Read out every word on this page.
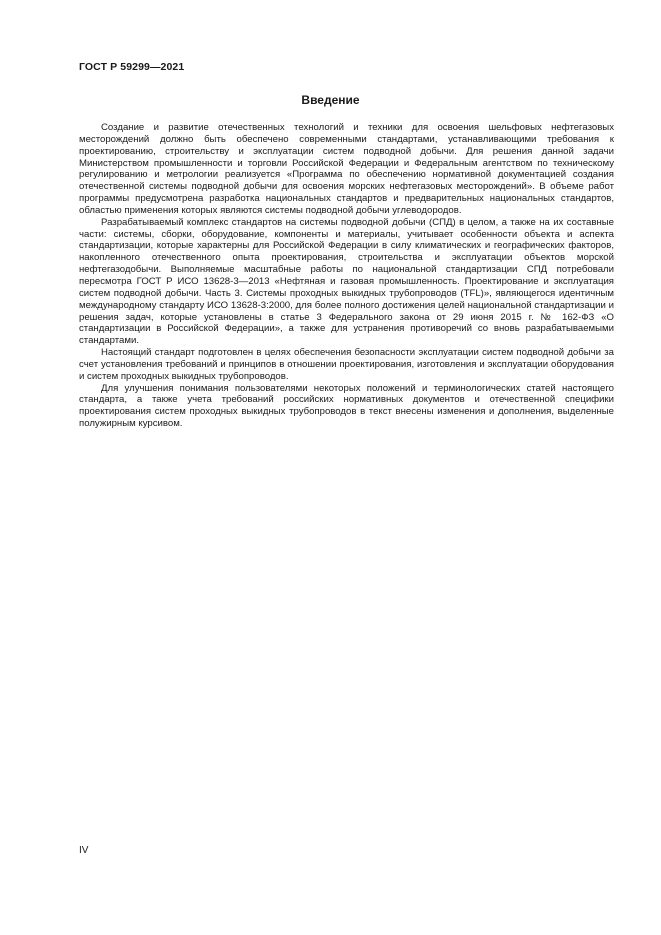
ГОСТ Р 59299—2021
Введение

Создание и развитие отечественных технологий и техники для освоения шельфовых нефтегазовых месторождений должно быть обеспечено современными стандартами, устанавливающими требования к проектированию, строительству и эксплуатации систем подводной добычи. Для решения данной задачи Министерством промышленности и торговли Российской Федерации и Федеральным агентством по техническому регулированию и метрологии реализуется «Программа по обеспечению нормативной документацией создания отечественной системы подводной добычи для освоения морских нефтегазовых месторождений». В объеме работ программы предусмотрена разработка национальных стандартов и предварительных национальных стандартов, областью применения которых являются системы подводной добычи углеводородов.

Разрабатываемый комплекс стандартов на системы подводной добычи (СПД) в целом, а также на их составные части: системы, сборки, оборудование, компоненты и материалы, учитывает особенности объекта и аспекта стандартизации, которые характерны для Российской Федерации в силу климатических и географических факторов, накопленного отечественного опыта проектирования, строительства и эксплуатации объектов морской нефтегазодобычи. Выполняемые масштабные работы по национальной стандартизации СПД потребовали пересмотра ГОСТ Р ИСО 13628-3—2013 «Нефтяная и газовая промышленность. Проектирование и эксплуатация систем подводной добычи. Часть 3. Системы проходных выкидных трубопроводов (TFL)», являющегося идентичным международному стандарту ИСО 13628-3:2000, для более полного достижения целей национальной стандартизации и решения задач, которые установлены в статье 3 Федерального закона от 29 июня 2015 г. № 162-ФЗ «О стандартизации в Российской Федерации», а также для устранения противоречий со вновь разрабатываемыми стандартами.

Настоящий стандарт подготовлен в целях обеспечения безопасности эксплуатации систем подводной добычи за счет установления требований и принципов в отношении проектирования, изготовления и эксплуатации оборудования и систем проходных выкидных трубопроводов.

Для улучшения понимания пользователями некоторых положений и терминологических статей настоящего стандарта, а также учета требований российских нормативных документов и отечественной специфики проектирования систем проходных выкидных трубопроводов в текст внесены изменения и дополнения, выделенные полужирным курсивом.

IV
